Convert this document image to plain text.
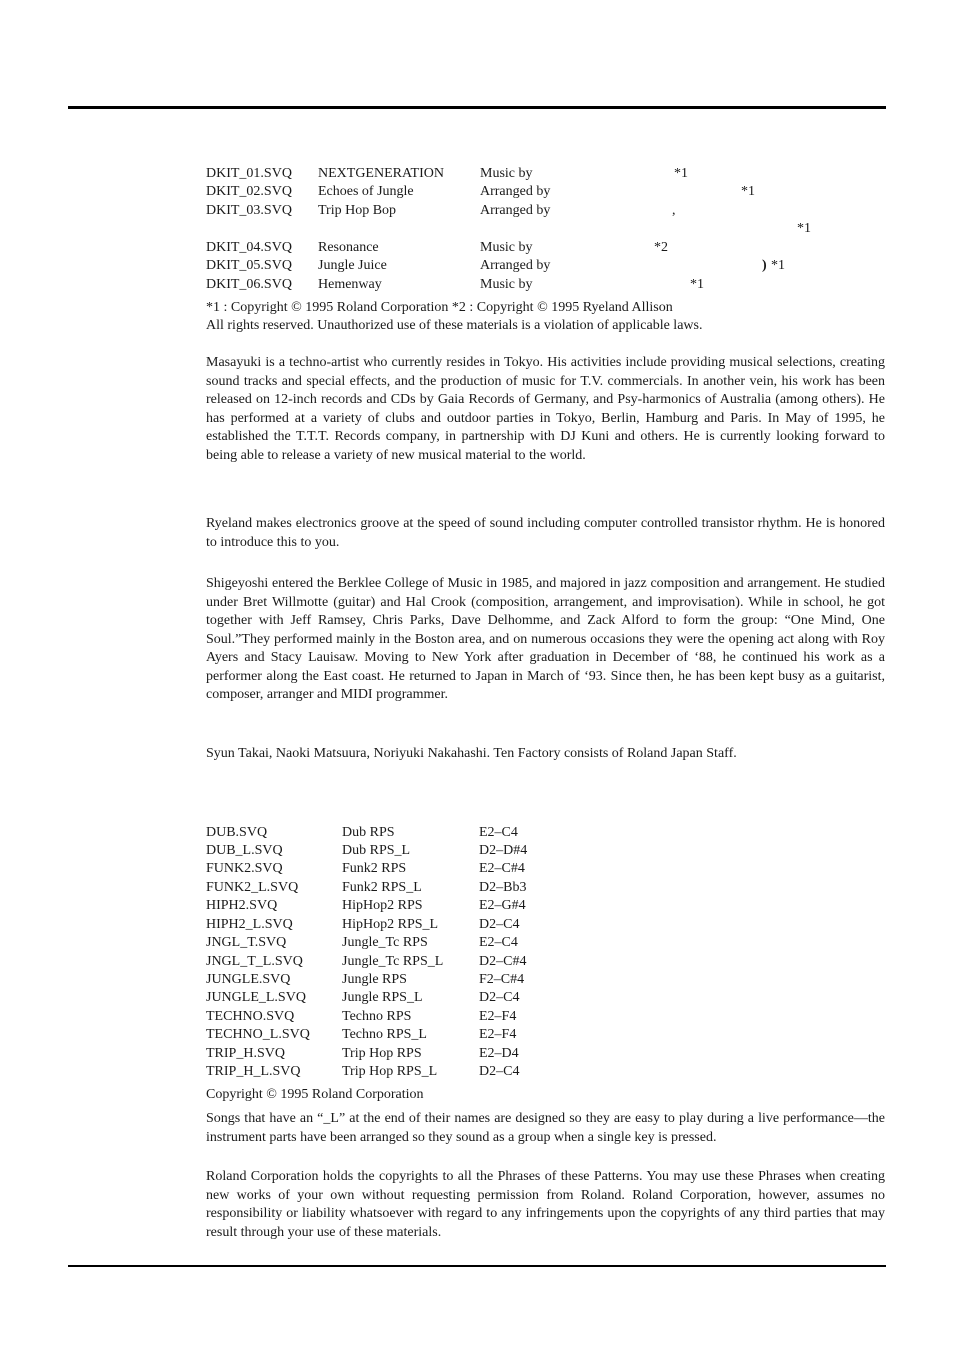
DKIT_01.SVQ NEXTGENERATION	Music by	*1
DKIT_02.SVQ Echoes of Jungle	Arranged by	*1
DKIT_03.SVQ Trip Hop Bop	Arranged by	,
*1
DKIT_04.SVQ Resonance	Music by	*2
DKIT_05.SVQ Jungle Juice	Arranged by	) *1
DKIT_06.SVQ Hemenway	Music by	*1
*1 : Copyright © 1995 Roland Corporation *2 : Copyright © 1995 Ryeland Allison
All rights reserved. Unauthorized use of these materials is a violation of applicable laws.

Masayuki is a techno-artist who currently resides in Tokyo. His activities include providing musical selections, creating sound tracks and special effects, and the production of music for T.V. commercials. In another vein, his work has been released on 12-inch records and CDs by Gaia Records of Germany, and Psy-harmonics of Australia (among others). He has performed at a variety of clubs and outdoor parties in Tokyo, Berlin, Hamburg and Paris. In May of 1995, he established the T.T.T. Records company, in partnership with DJ Kuni and others. He is currently looking forward to being able to release a variety of new musical material to the world.

Ryeland makes electronics groove at the speed of sound including computer controlled transistor rhythm. He is honored to introduce this to you.

Shigeyoshi entered the Berklee College of Music in 1985, and majored in jazz composition and arrangement. He studied under Bret Willmotte (guitar) and Hal Crook (composition, arrangement, and improvisation). While in school, he got together with Jeff Ramsey, Chris Parks, Dave Delhomme, and Zack Alford to form the group: “One Mind, One Soul.”They performed mainly in the Boston area, and on numerous occasions they were the opening act along with Roy Ayers and Stacy Lauisaw. Moving to New York after graduation in December of ‘88, he continued his work as a performer along the East coast. He returned to Japan in March of ‘93. Since then, he has been kept busy as a guitarist, composer, arranger and MIDI programmer.

Syun Takai, Naoki Matsuura, Noriyuki Nakahashi. Ten Factory consists of Roland Japan Staff.
DUB.SVQ	Dub RPS	E2–C4
DUB_L.SVQ	Dub RPS_L	D2–D#4
FUNK2.SVQ	Funk2 RPS	E2–C#4
FUNK2_L.SVQ	Funk2 RPS_L	D2–Bb3
HIPH2.SVQ	HipHop2 RPS	E2–G#4
HIPH2_L.SVQ	HipHop2 RPS_L	D2–C4
JNGL_T.SVQ	Jungle_Tc RPS	E2–C4
JNGL_T_L.SVQ	Jungle_Tc RPS_L	D2–C#4
JUNGLE.SVQ	Jungle RPS	F2–C#4
JUNGLE_L.SVQ	Jungle RPS_L	D2–C4
TECHNO.SVQ	Techno RPS	E2–F4
TECHNO_L.SVQ Techno RPS_L	E2–F4
TRIP_H.SVQ	Trip Hop RPS	E2–D4
TRIP_H_L.SVQ	Trip Hop RPS_L	D2–C4
Copyright © 1995 Roland Corporation

Songs that have an “_L” at the end of their names are designed so they are easy to play during a live performance—the instrument parts have been arranged so they sound as a group when a single key is pressed.

Roland Corporation holds the copyrights to all the Phrases of these Patterns. You may use these Phrases when creating new works of your own without requesting permission from Roland. Roland Corporation, however, assumes no responsibility or liability whatsoever with regard to any infringements upon the copyrights of any third parties that may result through your use of these materials.
